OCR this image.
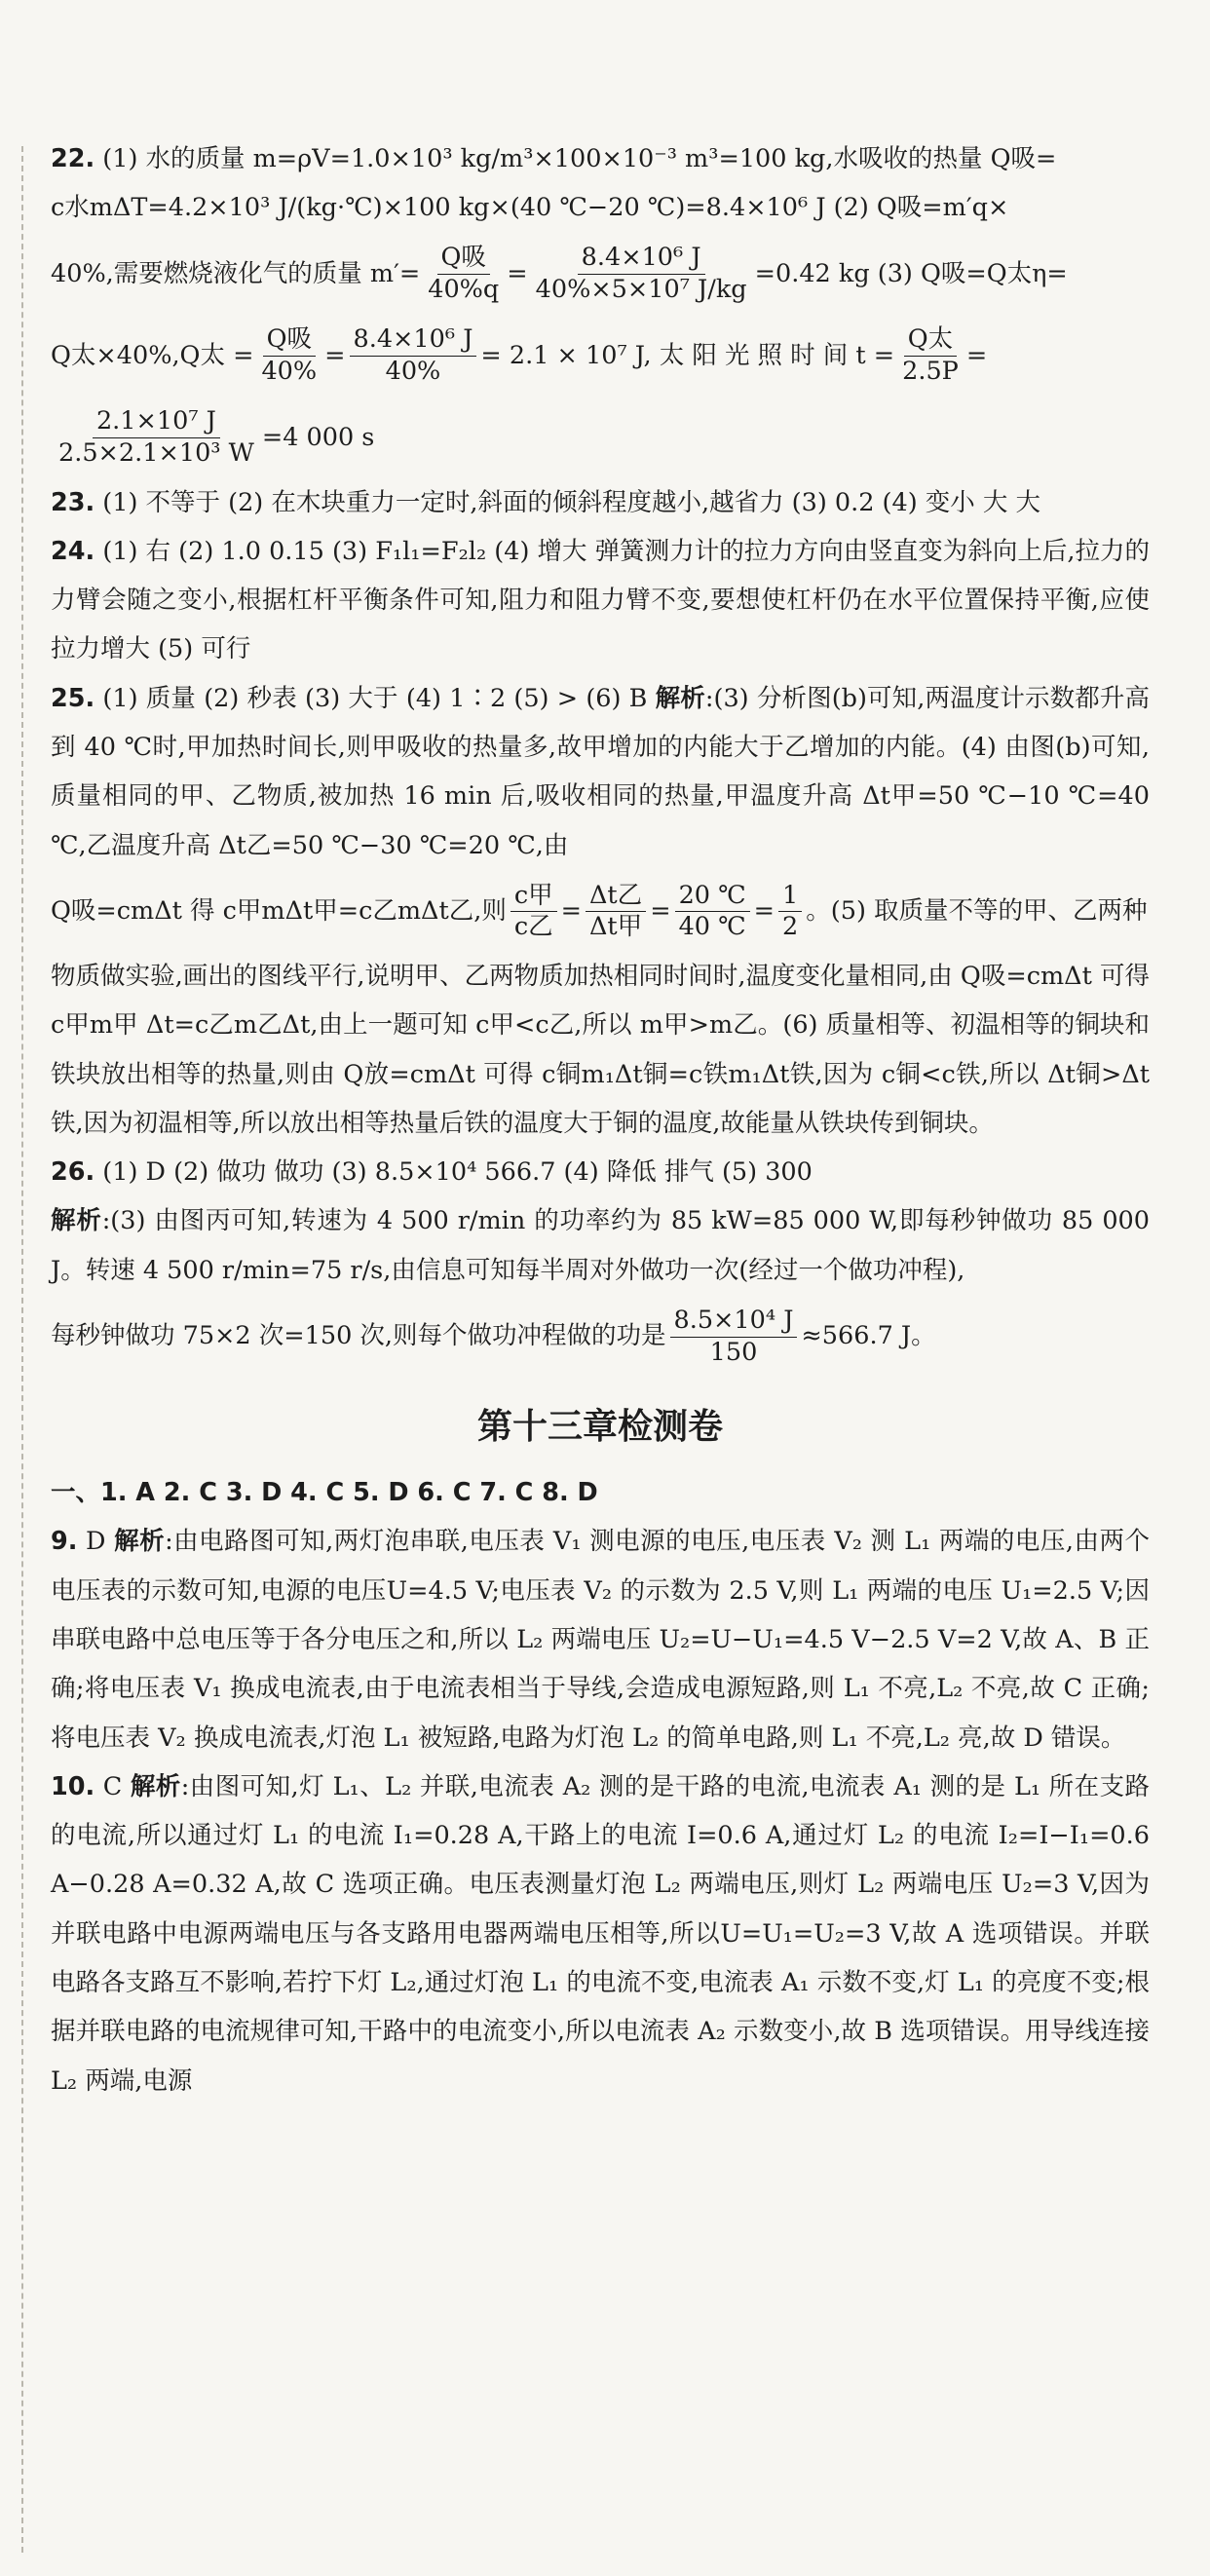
22. (1) 水的质量 m=ρV=1.0×10³ kg/m³×100×10⁻³ m³=100 kg,水吸收的热量 Q吸=
c水mΔT=4.2×10³ J/(kg·℃)×100 kg×(40 ℃−20 ℃)=8.4×10⁶ J (2) Q吸=m′q×
40%,需要燃烧液化气的质量 $m'= \frac{\text{Q吸}}{40\%q} = \frac{\text{8.4×10⁶ J}}{\text{40\%×5×10⁷ J/kg}} =0.42$ kg (3) Q吸=Q太η=
Q太×40%,Q太 = $\frac{\text{Q吸}}{40\%} = \frac{\text{8.4×10⁶ J}}{40\%} = 2.1 \times 10^7$ J, 太 阳 光 照 时 间 $t = \frac{\text{Q太}}{2.5P}$ =

$\frac{\text{2.1×10⁷ J}}{\text{2.5×2.1×10³ W}} =4$ 000 s

23. (1) 不等于 (2) 在木块重力一定时,斜面的倾斜程度越小,越省力 (3) 0.2 (4) 变小 大 大

24. (1) 右 (2) 1.0 0.15 (3) F₁l₁=F₂l₂ (4) 增大 弹簧测力计的拉力方向由竖直变为斜向上后,拉力的力臂会随之变小,根据杠杆平衡条件可知,阻力和阻力臂不变,要想使杠杆仍在水平位置保持平衡,应使拉力增大 (5) 可行

25. (1) 质量 (2) 秒表 (3) 大于 (4) 1∶2 (5) > (6) B 解析:(3) 分析图(b)可知,两温度计示数都升高到 40 ℃时,甲加热时间长,则甲吸收的热量多,故甲增加的内能大于乙增加的内能。(4) 由图(b)可知,质量相同的甲、乙物质,被加热 16 min 后,吸收相同的热量,甲温度升高 Δt甲=50 ℃−10 ℃=40 ℃,乙温度升高 Δt乙=50 ℃−30 ℃=20 ℃,由
Q吸=cmΔt 得 c甲mΔt甲=c乙mΔt乙,则 $\frac{\text{c甲}}{\text{c乙}} = \frac{\text{Δt乙}}{\text{Δt甲}} = \frac{20 ℃}{40 ℃} = \frac{1}{2}$ 。(5) 取质量不等的甲、乙两种
物质做实验,画出的图线平行,说明甲、乙两物质加热相同时间时,温度变化量相同,由 Q吸=cmΔt 可得 c甲m甲 Δt=c乙m乙Δt,由上一题可知 c甲<c乙,所以 m甲>m乙。(6) 质量相等、初温相等的铜块和铁块放出相等的热量,则由 Q放=cmΔt 可得 c铜m₁Δt铜=c铁m₁Δt铁,因为 c铜<c铁,所以 Δt铜>Δt铁,因为初温相等,所以放出相等热量后铁的温度大于铜的温度,故能量从铁块传到铜块。

26. (1) D (2) 做功 做功 (3) 8.5×10⁴ 566.7 (4) 降低 排气 (5) 300
解析:(3) 由图丙可知,转速为 4 500 r/min 的功率约为 85 kW=85 000 W,即每秒钟做功 85 000 J。转速 4 500 r/min=75 r/s,由信息可知每半周对外做功一次(经过一个做功冲程),
每秒钟做功 75×2 次=150 次,则每个做功冲程做的功是 $\frac{\text{8.5×10⁴ J}}{150} \approx 566.7$ J。

第十三章检测卷

一、1. A 2. C 3. D 4. C 5. D 6. C 7. C 8. D

9. D 解析:由电路图可知,两灯泡串联,电压表 V₁ 测电源的电压,电压表 V₂ 测 L₁ 两端的电压,由两个电压表的示数可知,电源的电压U=4.5 V;电压表 V₂ 的示数为 2.5 V,则 L₁ 两端的电压 U₁=2.5 V;因串联电路中总电压等于各分电压之和,所以 L₂ 两端电压 U₂=U−U₁=4.5 V−2.5 V=2 V,故 A、B 正确;将电压表 V₁ 换成电流表,由于电流表相当于导线,会造成电源短路,则 L₁ 不亮,L₂ 不亮,故 C 正确;将电压表 V₂ 换成电流表,灯泡 L₁ 被短路,电路为灯泡 L₂ 的简单电路,则 L₁ 不亮,L₂ 亮,故 D 错误。

10. C 解析:由图可知,灯 L₁、L₂ 并联,电流表 A₂ 测的是干路的电流,电流表 A₁ 测的是 L₁ 所在支路的电流,所以通过灯 L₁ 的电流 I₁=0.28 A,干路上的电流 I=0.6 A,通过灯 L₂ 的电流 I₂=I−I₁=0.6 A−0.28 A=0.32 A,故 C 选项正确。电压表测量灯泡 L₂ 两端电压,则灯 L₂ 两端电压 U₂=3 V,因为并联电路中电源两端电压与各支路用电器两端电压相等,所以U=U₁=U₂=3 V,故 A 选项错误。并联电路各支路互不影响,若拧下灯 L₂,通过灯泡 L₁ 的电流不变,电流表 A₁ 示数不变,灯 L₁ 的亮度不变;根据并联电路的电流规律可知,干路中的电流变小,所以电流表 A₂ 示数变小,故 B 选项错误。用导线连接 L₂ 两端,电源
